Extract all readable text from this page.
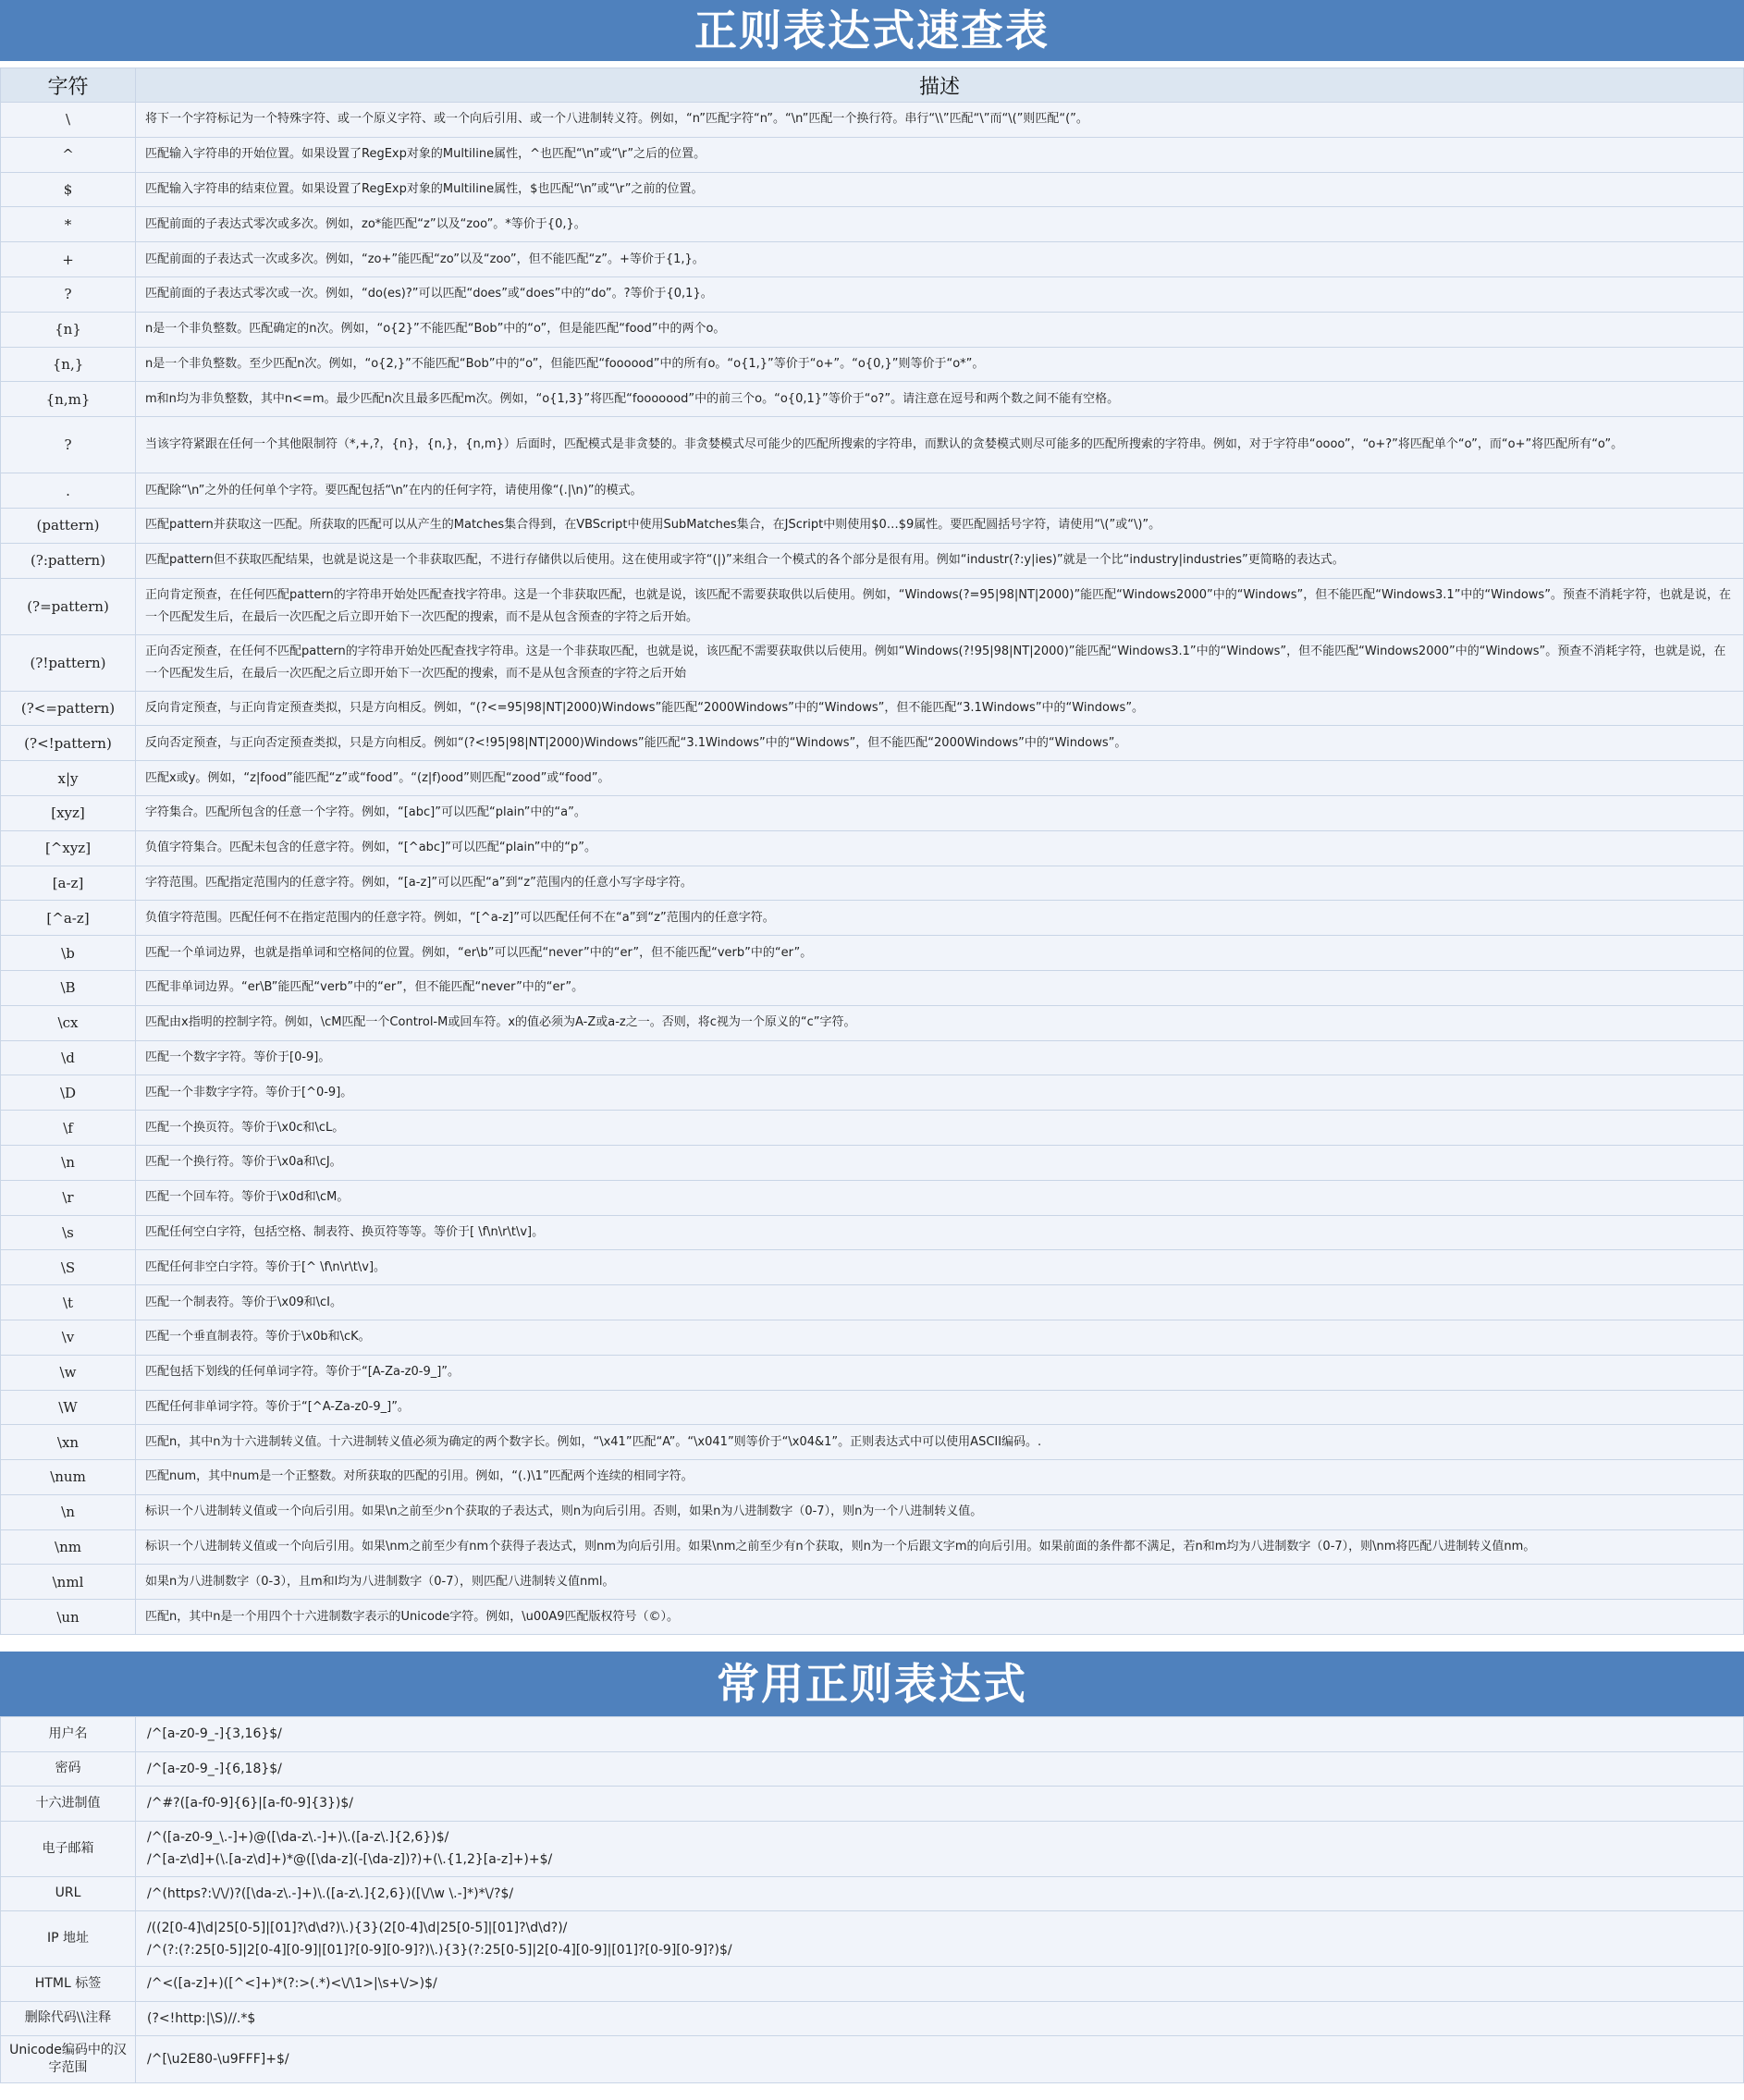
正则表达式速查表
字符	描述
\	将下一个字符标记为一个特殊字符、或一个原义字符、或一个向后引用、或一个八进制转义符。例如，“n”匹配字符“n”。“\n”匹配一个换行符。串行“\\”匹配“\”而“\(”则匹配“(”。
^	匹配输入字符串的开始位置。如果设置了RegExp对象的Multiline属性，^也匹配“\n”或“\r”之后的位置。
$	匹配输入字符串的结束位置。如果设置了RegExp对象的Multiline属性，$也匹配“\n”或“\r”之前的位置。
*	匹配前面的子表达式零次或多次。例如，zo*能匹配“z”以及“zoo”。*等价于{0,}。
+	匹配前面的子表达式一次或多次。例如，“zo+”能匹配“zo”以及“zoo”，但不能匹配“z”。+等价于{1,}。
?	匹配前面的子表达式零次或一次。例如，“do(es)?”可以匹配“does”或“does”中的“do”。?等价于{0,1}。
{n}	n是一个非负整数。匹配确定的n次。例如，“o{2}”不能匹配“Bob”中的“o”，但是能匹配“food”中的两个o。
{n,}	n是一个非负整数。至少匹配n次。例如，“o{2,}”不能匹配“Bob”中的“o”，但能匹配“foooood”中的所有o。“o{1,}”等价于“o+”。“o{0,}”则等价于“o*”。
{n,m}	m和n均为非负整数，其中n<=m。最少匹配n次且最多匹配m次。例如，“o{1,3}”将匹配“fooooood”中的前三个o。“o{0,1}”等价于“o?”。请注意在逗号和两个数之间不能有空格。
?	当该字符紧跟在任何一个其他限制符（*,+,?，{n}，{n,}，{n,m}）后面时，匹配模式是非贪婪的。非贪婪模式尽可能少的匹配所搜索的字符串，而默认的贪婪模式则尽可能多的匹配所搜索的字符串。例如，对于字符串“oooo”，“o+?”将匹配单个“o”，而“o+”将匹配所有“o”。
.	匹配除“\n”之外的任何单个字符。要匹配包括“\n”在内的任何字符，请使用像“(.|\n)”的模式。
(pattern)	匹配pattern并获取这一匹配。所获取的匹配可以从产生的Matches集合得到，在VBScript中使用SubMatches集合，在JScript中则使用$0…$9属性。要匹配圆括号字符，请使用“\(”或“\)”。
(?:pattern)	匹配pattern但不获取匹配结果，也就是说这是一个非获取匹配，不进行存储供以后使用。这在使用或字符“(|)”来组合一个模式的各个部分是很有用。例如“industr(?:y|ies)”就是一个比“industry|industries”更简略的表达式。
(?=pattern)	正向肯定预查，在任何匹配pattern的字符串开始处匹配查找字符串。这是一个非获取匹配，也就是说，该匹配不需要获取供以后使用。例如，“Windows(?=95|98|NT|2000)”能匹配“Windows2000”中的“Windows”，但不能匹配“Windows3.1”中的“Windows”。预查不消耗字符，也就是说，在一个匹配发生后，在最后一次匹配之后立即开始下一次匹配的搜索，而不是从包含预查的字符之后开始。
(?!pattern)	正向否定预查，在任何不匹配pattern的字符串开始处匹配查找字符串。这是一个非获取匹配，也就是说，该匹配不需要获取供以后使用。例如“Windows(?!95|98|NT|2000)”能匹配“Windows3.1”中的“Windows”，但不能匹配“Windows2000”中的“Windows”。预查不消耗字符，也就是说，在一个匹配发生后，在最后一次匹配之后立即开始下一次匹配的搜索，而不是从包含预查的字符之后开始
(?<=pattern)	反向肯定预查，与正向肯定预查类拟，只是方向相反。例如，“(?<=95|98|NT|2000)Windows”能匹配“2000Windows”中的“Windows”，但不能匹配“3.1Windows”中的“Windows”。
(?<!pattern)	反向否定预查，与正向否定预查类拟，只是方向相反。例如“(?<!95|98|NT|2000)Windows”能匹配“3.1Windows”中的“Windows”，但不能匹配“2000Windows”中的“Windows”。
x|y	匹配x或y。例如，“z|food”能匹配“z”或“food”。“(z|f)ood”则匹配“zood”或“food”。
[xyz]	字符集合。匹配所包含的任意一个字符。例如，“[abc]”可以匹配“plain”中的“a”。
[^xyz]	负值字符集合。匹配未包含的任意字符。例如，“[^abc]”可以匹配“plain”中的“p”。
[a-z]	字符范围。匹配指定范围内的任意字符。例如，“[a-z]”可以匹配“a”到“z”范围内的任意小写字母字符。
[^a-z]	负值字符范围。匹配任何不在指定范围内的任意字符。例如，“[^a-z]”可以匹配任何不在“a”到“z”范围内的任意字符。
\b	匹配一个单词边界，也就是指单词和空格间的位置。例如，“er\b”可以匹配“never”中的“er”，但不能匹配“verb”中的“er”。
\B	匹配非单词边界。“er\B”能匹配“verb”中的“er”，但不能匹配“never”中的“er”。
\cx	匹配由x指明的控制字符。例如，\cM匹配一个Control-M或回车符。x的值必须为A-Z或a-z之一。否则，将c视为一个原义的“c”字符。
\d	匹配一个数字字符。等价于[0-9]。
\D	匹配一个非数字字符。等价于[^0-9]。
\f	匹配一个换页符。等价于\x0c和\cL。
\n	匹配一个换行符。等价于\x0a和\cJ。
\r	匹配一个回车符。等价于\x0d和\cM。
\s	匹配任何空白字符，包括空格、制表符、换页符等等。等价于[ \f\n\r\t\v]。
\S	匹配任何非空白字符。等价于[^ \f\n\r\t\v]。
\t	匹配一个制表符。等价于\x09和\cI。
\v	匹配一个垂直制表符。等价于\x0b和\cK。
\w	匹配包括下划线的任何单词字符。等价于“[A-Za-z0-9_]”。
\W	匹配任何非单词字符。等价于“[^A-Za-z0-9_]”。
\xn	匹配n，其中n为十六进制转义值。十六进制转义值必须为确定的两个数字长。例如，“\x41”匹配“A”。“\x041”则等价于“\x04&1”。正则表达式中可以使用ASCII编码。.
\num	匹配num，其中num是一个正整数。对所获取的匹配的引用。例如，“(.)\1”匹配两个连续的相同字符。
\n	标识一个八进制转义值或一个向后引用。如果\n之前至少n个获取的子表达式，则n为向后引用。否则，如果n为八进制数字（0-7），则n为一个八进制转义值。
\nm	标识一个八进制转义值或一个向后引用。如果\nm之前至少有nm个获得子表达式，则nm为向后引用。如果\nm之前至少有n个获取，则n为一个后跟文字m的向后引用。如果前面的条件都不满足，若n和m均为八进制数字（0-7），则\nm将匹配八进制转义值nm。
\nml	如果n为八进制数字（0-3），且m和l均为八进制数字（0-7），则匹配八进制转义值nml。
\un	匹配n，其中n是一个用四个十六进制数字表示的Unicode字符。例如，\u00A9匹配版权符号（©）。
常用正则表达式
用户名	/^[a-z0-9_-]{3,16}$/
密码	/^[a-z0-9_-]{6,18}$/
十六进制值	/^#?([a-f0-9]{6}|[a-f0-9]{3})$/
电子邮箱	/^([a-z0-9_\.-]+)@([\da-z\.-]+)\.([a-z\.]{2,6})$/
/^[a-z\d]+(\.[a-z\d]+)*@([\da-z](-[\da-z])?)+(\.{1,2}[a-z]+)+$/
URL	/^(https?:\/\/)?([\da-z\.-]+)\.([a-z\.]{2,6})([\/\w \.-]*)*\/?$/
IP 地址	/((2[0-4]\d|25[0-5]|[01]?\d\d?)\.){3}(2[0-4]\d|25[0-5]|[01]?\d\d?)/
/^(?:(?:25[0-5]|2[0-4][0-9]|[01]?[0-9][0-9]?)\.){3}(?:25[0-5]|2[0-4][0-9]|[01]?[0-9][0-9]?)$/
HTML 标签	/^<([a-z]+)([^<]+)*(?:>(.*)<\/\1>|\s+\/>)$/
删除代码\\注释	(?<!http:|\S)//.*$
Unicode编码中的汉字范围	/^[\u2E80-\u9FFF]+$/
